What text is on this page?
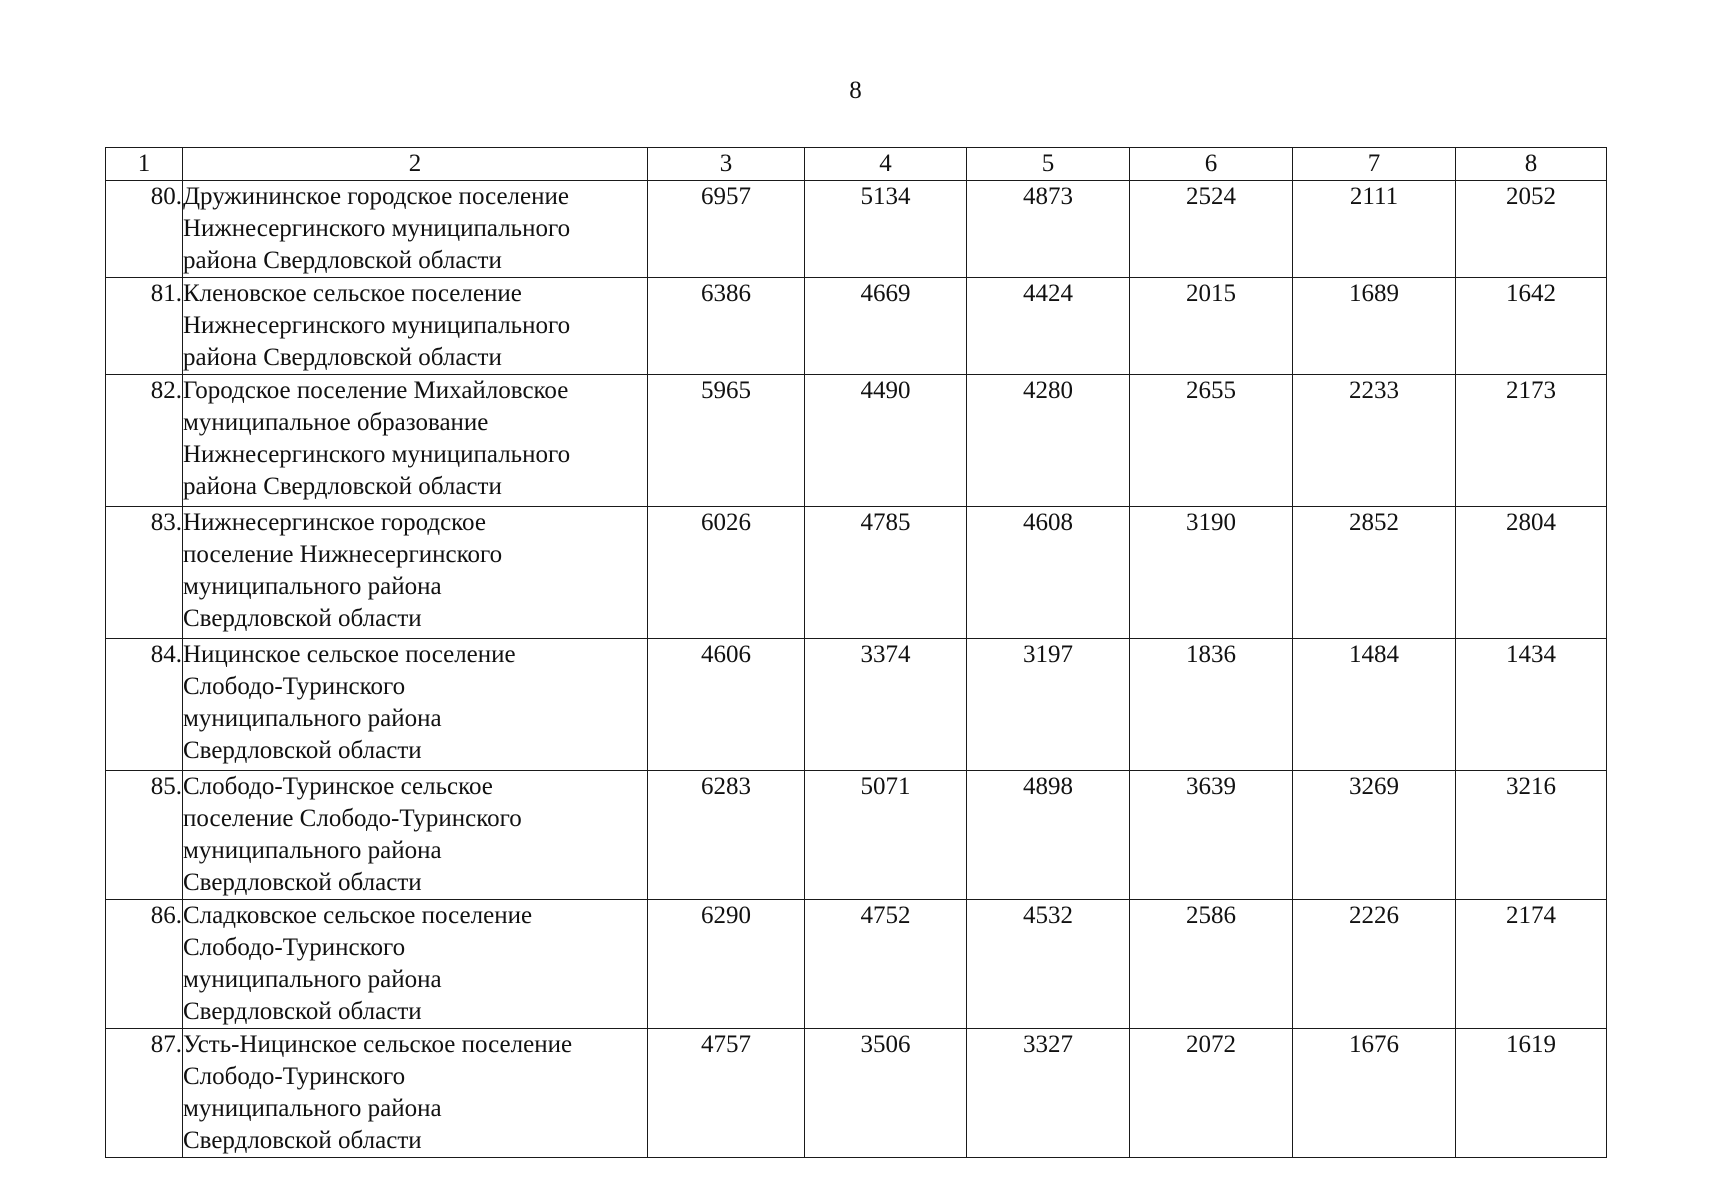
8
1	2	3	4	5	6	7	8
80.	Дружининское городское поселение
Нижнесергинского муниципального
района Свердловской области	6957	5134	4873	2524	2111	2052
81.	Кленовское сельское поселение
Нижнесергинского муниципального
района Свердловской области	6386	4669	4424	2015	1689	1642
82.	Городское поселение Михайловское
муниципальное образование
Нижнесергинского муниципального
района Свердловской области	5965	4490	4280	2655	2233	2173
83.	Нижнесергинское городское
поселение Нижнесергинского
муниципального района
Свердловской области	6026	4785	4608	3190	2852	2804
84.	Ницинское сельское поселение
Слободо-Туринского
муниципального района
Свердловской области	4606	3374	3197	1836	1484	1434
85.	Слободо-Туринское сельское
поселение Слободо-Туринского
муниципального района
Свердловской области	6283	5071	4898	3639	3269	3216
86.	Сладковское сельское поселение
Слободо-Туринского
муниципального района
Свердловской области	6290	4752	4532	2586	2226	2174
87.	Усть-Ницинское сельское поселение
Слободо-Туринского
муниципального района
Свердловской области	4757	3506	3327	2072	1676	1619
